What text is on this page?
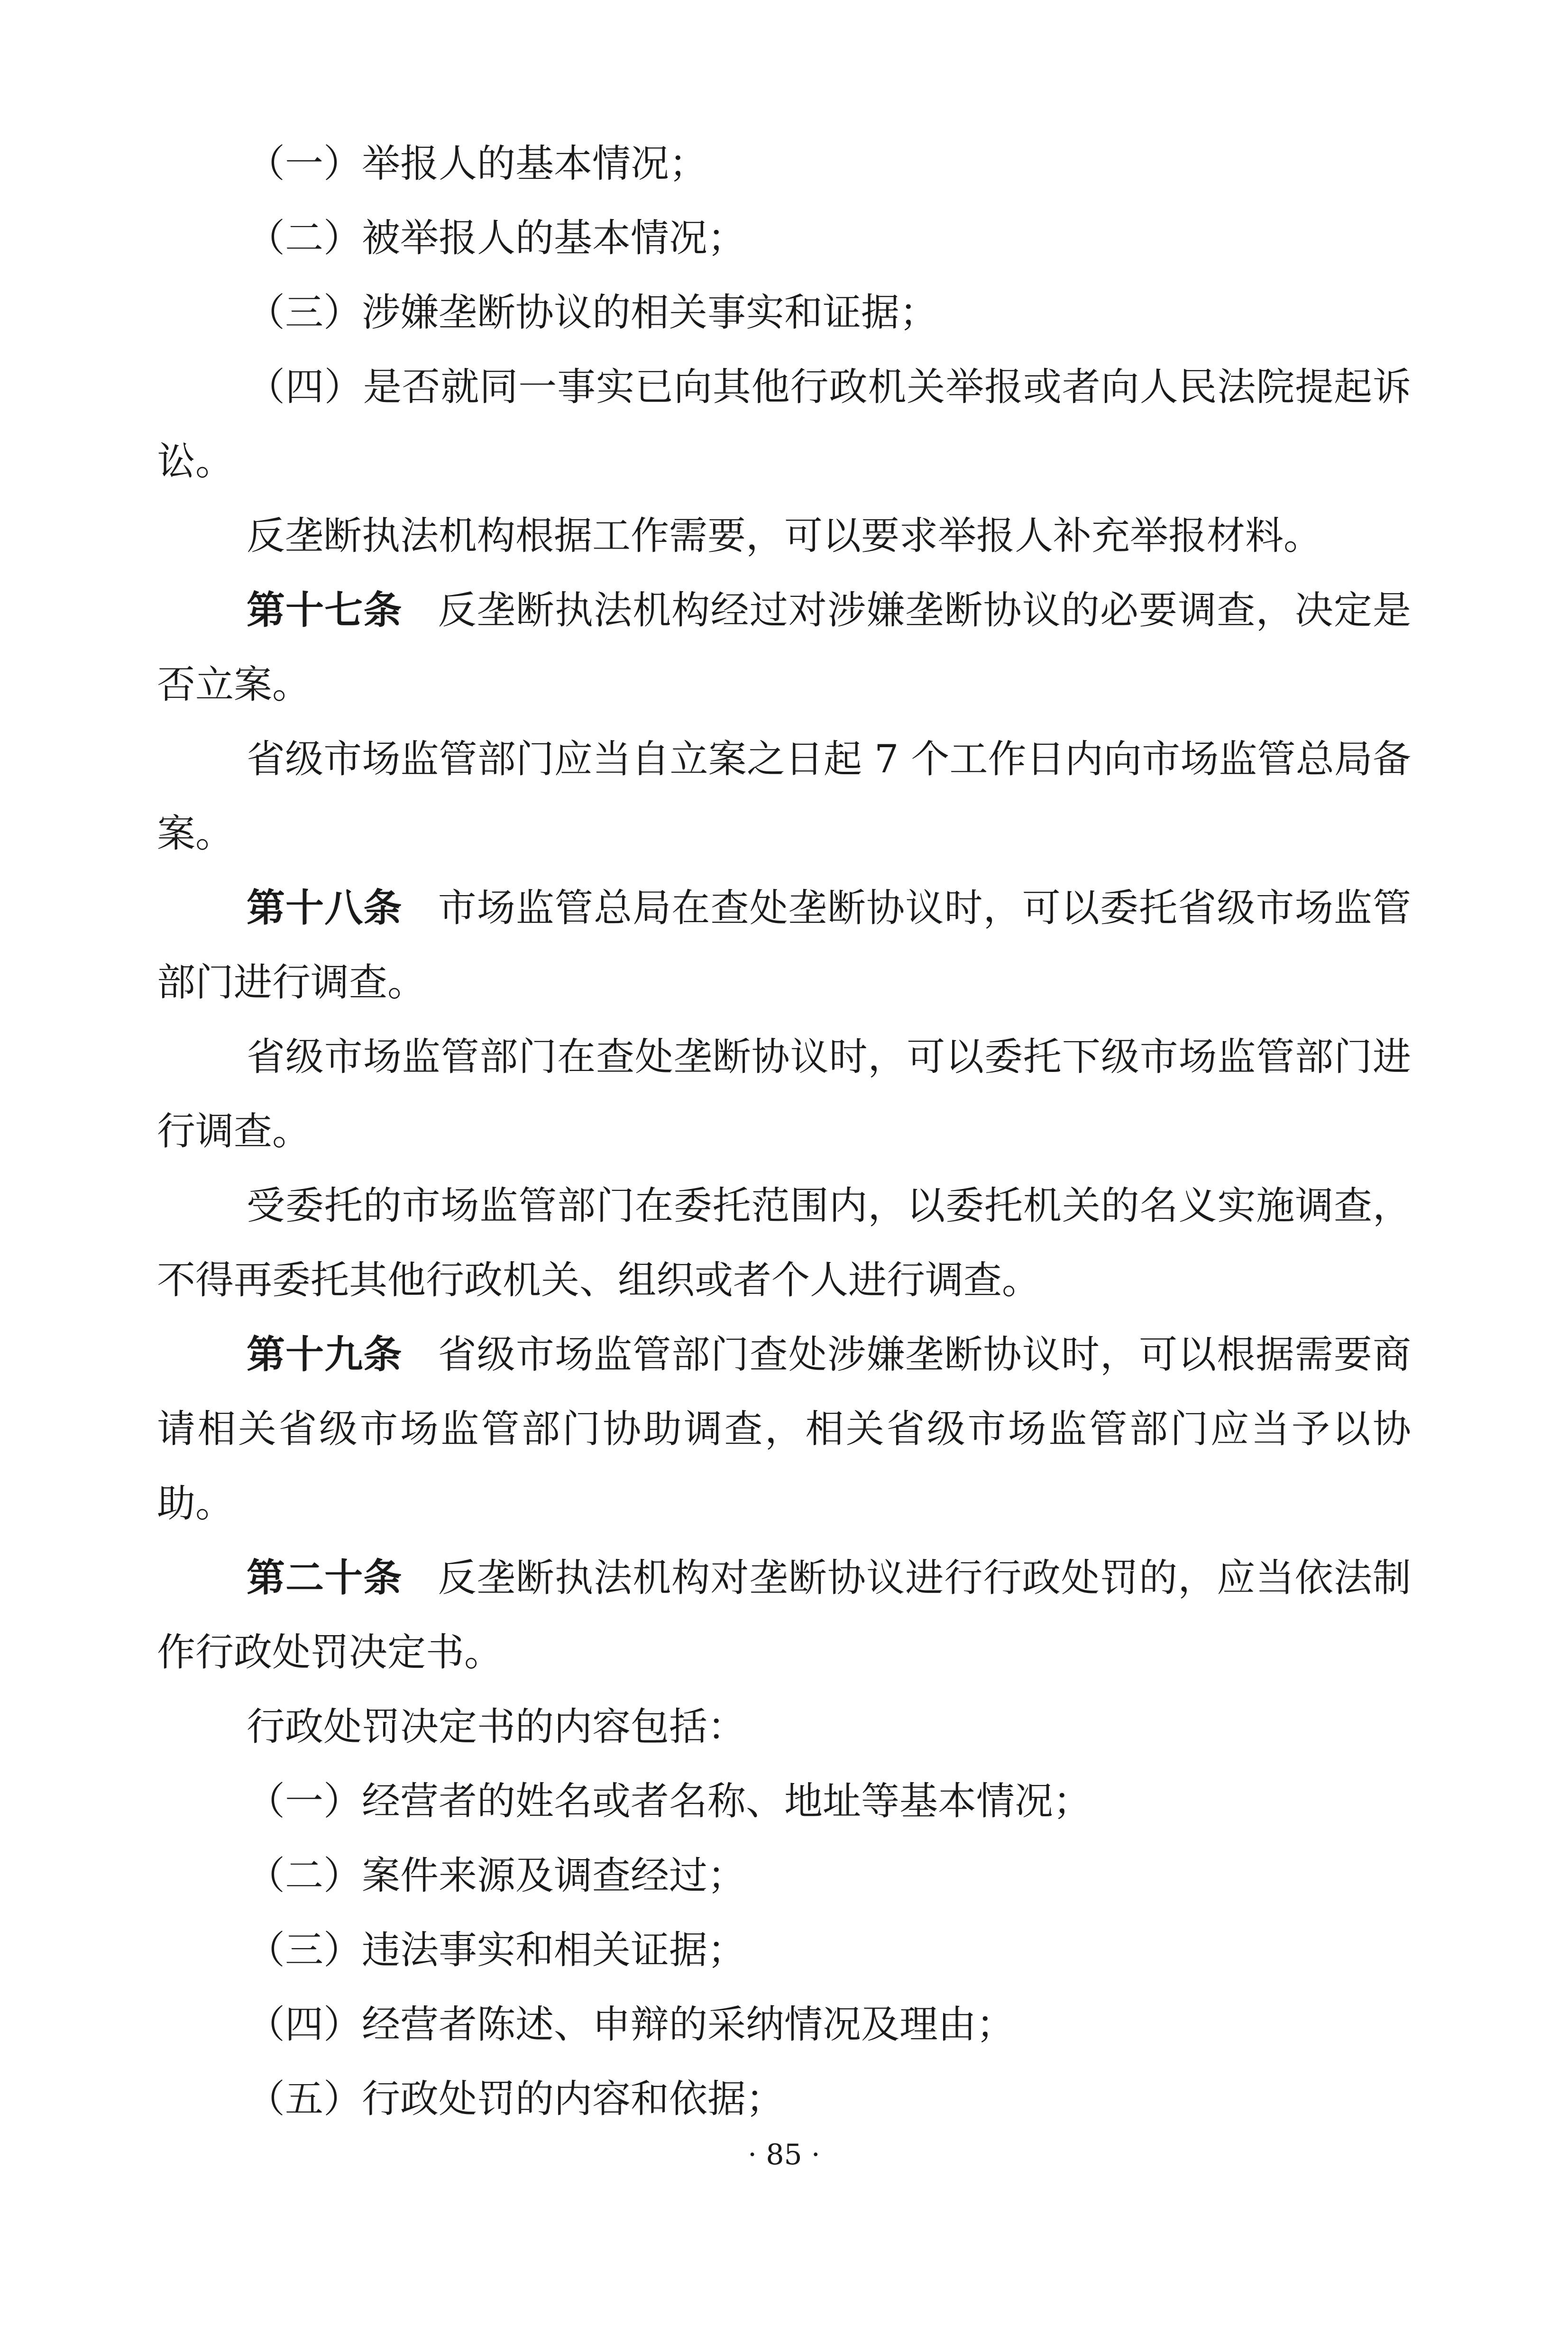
（一）举报人的基本情况；

（二）被举报人的基本情况；

（三）涉嫌垄断协议的相关事实和证据；

（四）是否就同一事实已向其他行政机关举报或者向人民法院提起诉讼。

反垄断执法机构根据工作需要，可以要求举报人补充举报材料。

第十七条 反垄断执法机构经过对涉嫌垄断协议的必要调查，决定是否立案。

省级市场监管部门应当自立案之日起 7 个工作日内向市场监管总局备案。

第十八条 市场监管总局在查处垄断协议时，可以委托省级市场监管部门进行调查。

省级市场监管部门在查处垄断协议时，可以委托下级市场监管部门进行调查。

受委托的市场监管部门在委托范围内，以委托机关的名义实施调查，不得再委托其他行政机关、组织或者个人进行调查。

第十九条 省级市场监管部门查处涉嫌垄断协议时，可以根据需要商请相关省级市场监管部门协助调查，相关省级市场监管部门应当予以协助。

第二十条 反垄断执法机构对垄断协议进行行政处罚的，应当依法制作行政处罚决定书。

行政处罚决定书的内容包括：

（一）经营者的姓名或者名称、地址等基本情况；

（二）案件来源及调查经过；

（三）违法事实和相关证据；

（四）经营者陈述、申辩的采纳情况及理由；

（五）行政处罚的内容和依据；

· 85 ·
